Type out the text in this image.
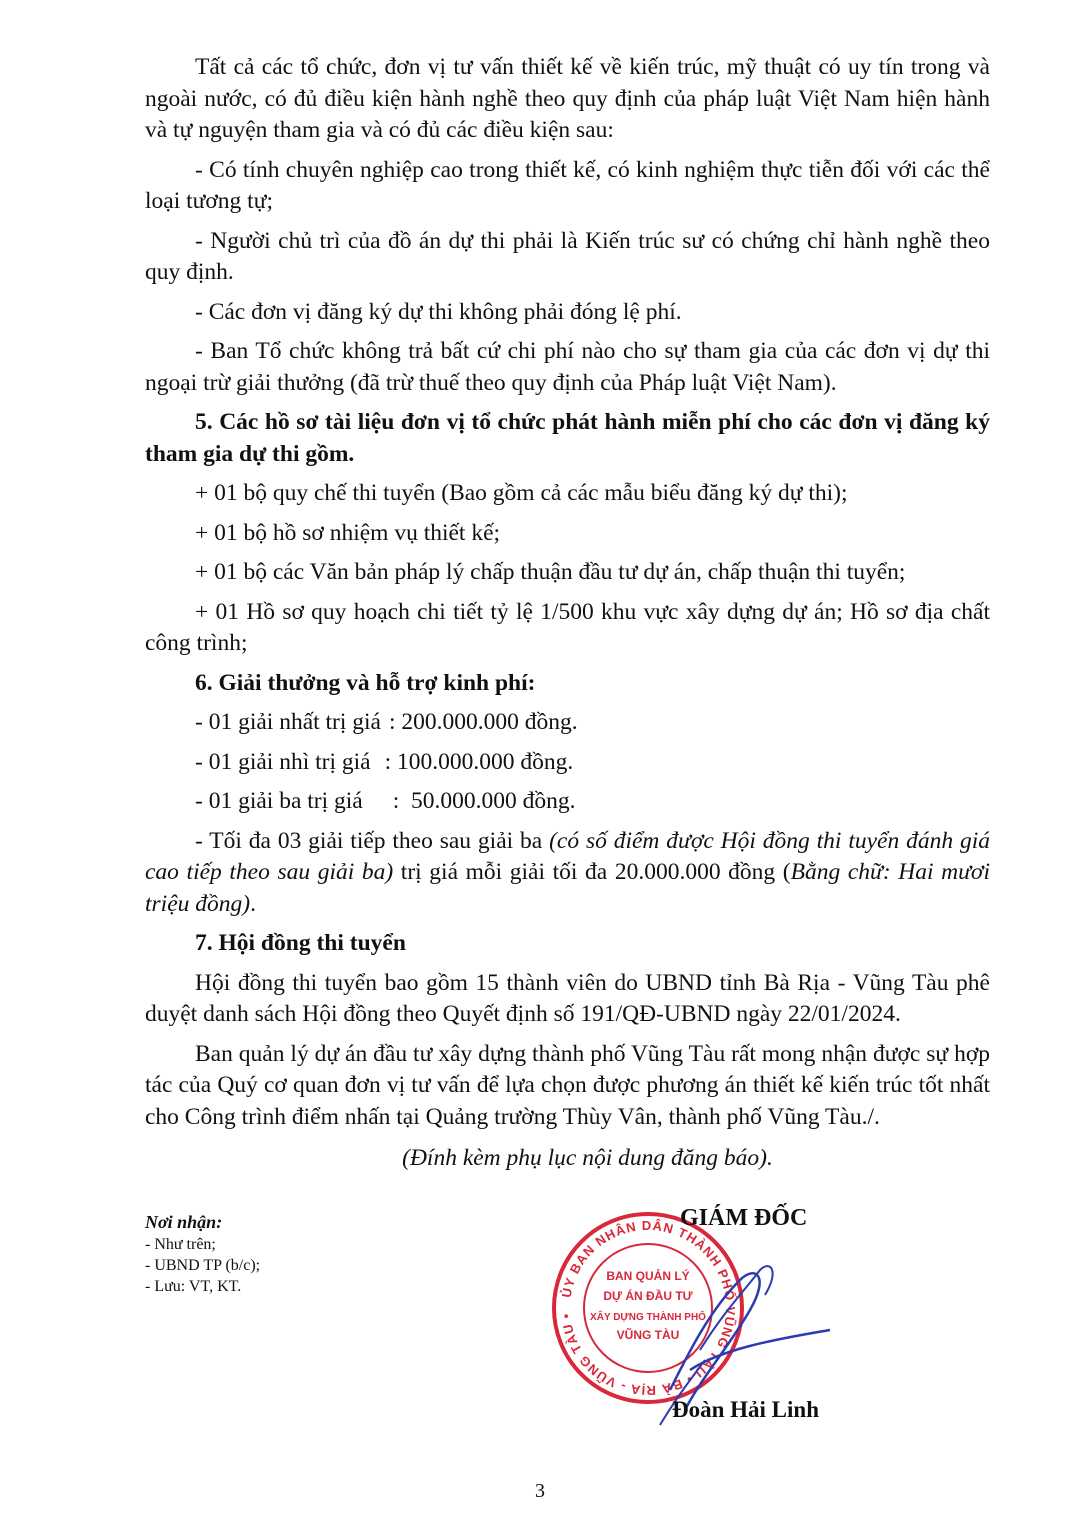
Tất cả các tổ chức, đơn vị tư vấn thiết kế về kiến trúc, mỹ thuật có uy tín trong và ngoài nước, có đủ điều kiện hành nghề theo quy định của pháp luật Việt Nam hiện hành và tự nguyện tham gia và có đủ các điều kiện sau:

- Có tính chuyên nghiệp cao trong thiết kế, có kinh nghiệm thực tiễn đối với các thể loại tương tự;

- Người chủ trì của đồ án dự thi phải là Kiến trúc sư có chứng chỉ hành nghề theo quy định.

- Các đơn vị đăng ký dự thi không phải đóng lệ phí.

- Ban Tổ chức không trả bất cứ chi phí nào cho sự tham gia của các đơn vị dự thi ngoại trừ giải thưởng (đã trừ thuế theo quy định của Pháp luật Việt Nam).

5. Các hồ sơ tài liệu đơn vị tổ chức phát hành miễn phí cho các đơn vị đăng ký tham gia dự thi gồm.

+ 01 bộ quy chế thi tuyển (Bao gồm cả các mẫu biểu đăng ký dự thi);

+ 01 bộ hồ sơ nhiệm vụ thiết kế;

+ 01 bộ các Văn bản pháp lý chấp thuận đầu tư dự án, chấp thuận thi tuyển;

+ 01 Hồ sơ quy hoạch chi tiết tỷ lệ 1/500 khu vực xây dựng dự án; Hồ sơ địa chất công trình;

6. Giải thưởng và hỗ trợ kinh phí:

- 01 giải nhất trị giá : 200.000.000 đồng.
- 01 giải nhì trị giá : 100.000.000 đồng.
- 01 giải ba trị giá :  50.000.000 đồng.

- Tối đa 03 giải tiếp theo sau giải ba (có số điểm được Hội đồng thi tuyển đánh giá cao tiếp theo sau giải ba) trị giá mỗi giải tối đa 20.000.000 đồng (Bằng chữ: Hai mươi triệu đồng).

7. Hội đồng thi tuyển

Hội đồng thi tuyển bao gồm 15 thành viên do UBND tỉnh Bà Rịa - Vũng Tàu phê duyệt danh sách Hội đồng theo Quyết định số 191/QĐ-UBND ngày 22/01/2024.

Ban quản lý dự án đầu tư xây dựng thành phố Vũng Tàu rất mong nhận được sự hợp tác của Quý cơ quan đơn vị tư vấn để lựa chọn được phương án thiết kế kiến trúc tốt nhất cho Công trình điểm nhấn tại Quảng trường Thùy Vân, thành phố Vũng Tàu./.

(Đính kèm phụ lục nội dung đăng báo).

Nơi nhận:
- Như trên;
- UBND TP (b/c);
- Lưu: VT, KT.	ỦY BAN NHÂN DÂN THÀNH PHỐ VŨNG TÀU • BÀ RỊA - VŨNG TÀU •
BAN QUẢN LÝ
DỰ ÁN ĐẦU TƯ
XÂY DỰNG THÀNH PHỐ
VŨNG TÀU
GIÁM ĐỐC
Đoàn Hải Linh
3
